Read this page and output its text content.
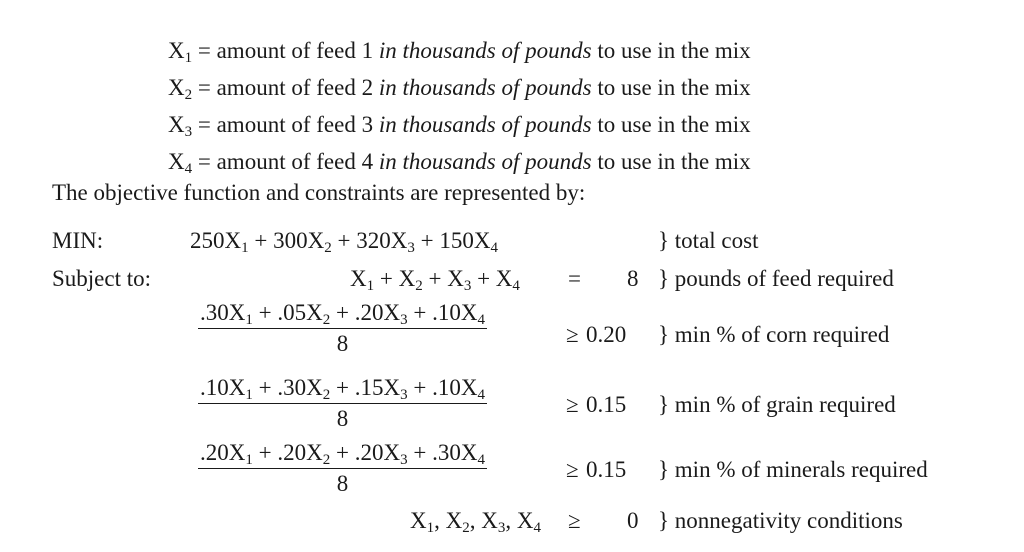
$X_1$ = amount of feed 1 in thousands of pounds to use in the mix
$X_2$ = amount of feed 2 in thousands of pounds to use in the mix
$X_3$ = amount of feed 3 in thousands of pounds to use in the mix
$X_4$ = amount of feed 4 in thousands of pounds to use in the mix
The objective function and constraints are represented by:
MIN:	$250X_1 + 300X_2 + 320X_3 + 150X_4$	} total cost
Subject to:	$X_1 + X_2 + X_3 + X_4 = 8$ } pounds of feed required
$\frac{.30X_1 + .05X_2 + .20X_3 + .10X_4}{8}$	≥ 0.20 } min % of corn required
$\frac{.10X_1 + .30X_2 + .15X_3 + .10X_4}{8}$	≥ 0.15 } min % of grain required
$\frac{.20X_1 + .20X_2 + .20X_3 + .30X_4}{8}$	≥ 0.15 } min % of minerals required
$X_1$, $X_2$, $X_3$, $X_4 \ge 0$ } nonnegativity conditions
